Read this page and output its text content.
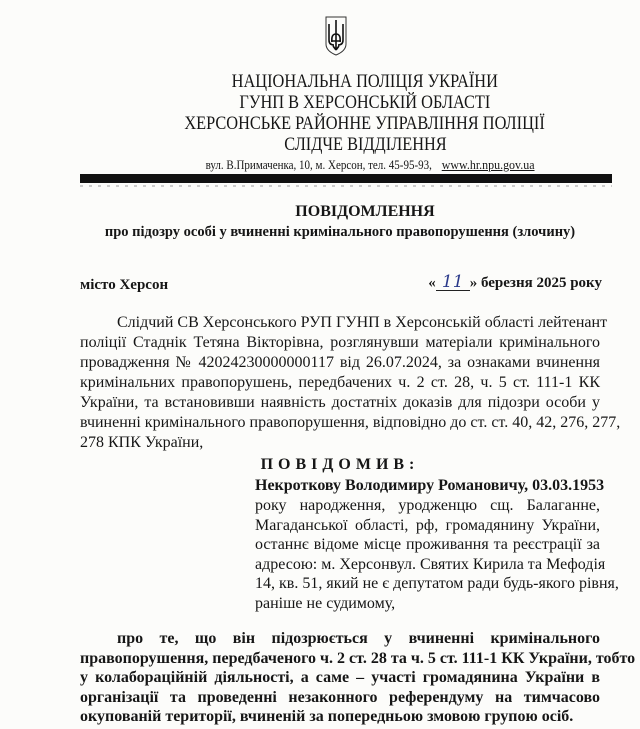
НАЦІОНАЛЬНА ПОЛІЦІЯ УКРАЇНИ
ГУНП В ХЕРСОНСЬКІЙ ОБЛАСТІ
ХЕРСОНСЬКЕ РАЙОННЕ УПРАВЛІННЯ ПОЛІЦІЇ
СЛІДЧЕ ВІДДІЛЕННЯ
вул. В.Примаченка, 10, м. Херсон, тел. 45-95-93,www.hr.npu.gov.ua
ПОВІДОМЛЕННЯ
про підозру особі у вчиненні кримінального правопорушення (злочину)
місто Херсон	« 11 » березня 2025 року
Слідчий СВ Херсонського РУП ГУНП в Херсонській області лейтенант
поліції Стаднік Тетяна Вікторівна, розглянувши матеріали кримінального
провадження № 42024230000000117 від 26.07.2024, за ознаками вчинення
кримінальних правопорушень, передбачених ч. 2 ст. 28, ч. 5 ст. 111-1 КК
України, та встановивши наявність достатніх доказів для підозри особи у
вчиненні кримінального правопорушення, відповідно до ст. ст. 40, 42, 276, 277,
278 КПК України,
ПОВІДОМИВ:
Некроткову Володимиру Романовичу, 03.03.1953
року народження, уродженцю сщ. Балаганне,
Магаданської області, рф, громадянину України,
останнє відоме місце проживання та реєстрації за
адресою: м. Херсонвул. Святих Кирила та Мефодія
14, кв. 51, який не є депутатом ради будь-якого рівня,
раніше не судимому,
про те, що він підозрюється у вчиненні кримінального
правопорушення, передбаченого ч. 2 ст. 28 та ч. 5 ст. 111-1 КК України, тобто
у колабораційній діяльності, а саме – участі громадянина України в
організації та проведенні незаконного референдуму на тимчасово
окупованій території, вчиненій за попередньою змовою групою осіб.
